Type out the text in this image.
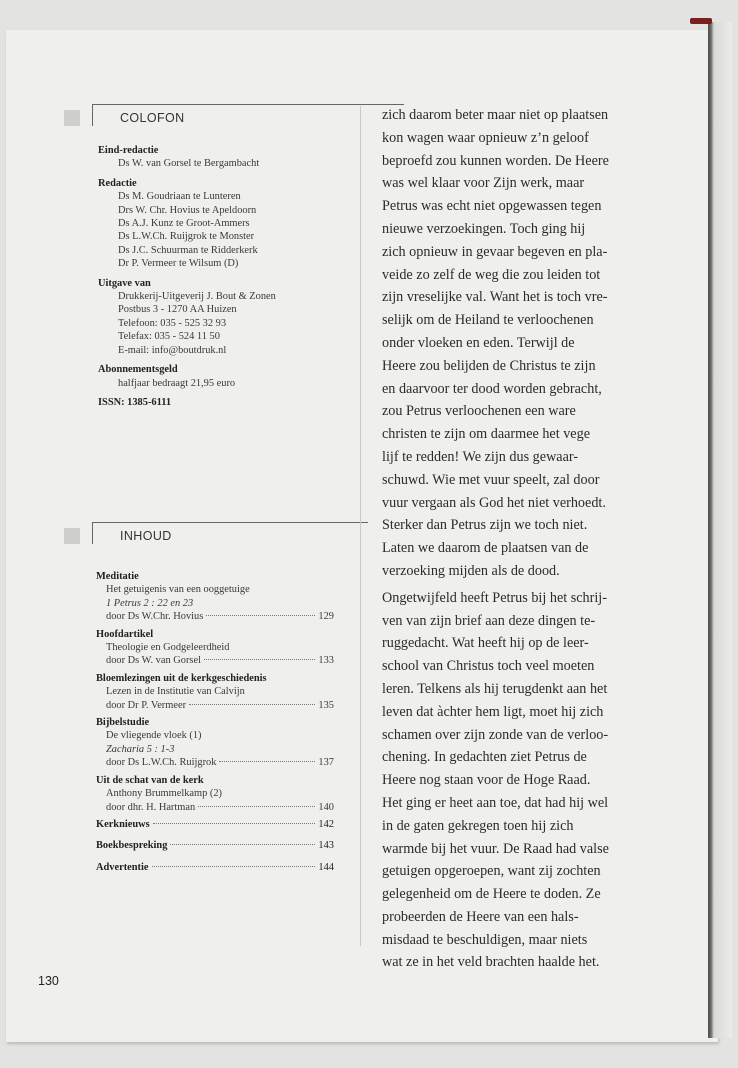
COLOFON
Eind-redactie
Ds W. van Gorsel te Bergambacht
Redactie
Ds M. Goudriaan te Lunteren
Drs W. Chr. Hovius te Apeldoorn
Ds A.J. Kunz te Groot-Ammers
Ds L.W.Ch. Ruijgrok te Monster
Ds J.C. Schuurman te Ridderkerk
Dr P. Vermeer te Wilsum (D)
Uitgave van
Drukkerij-Uitgeverij J. Bout & Zonen
Postbus 3 - 1270 AA Huizen
Telefoon: 035 - 525 32 93
Telefax: 035 - 524 11 50
E-mail: info@boutdruk.nl
Abonnementsgeld
halfjaar bedraagt 21,95 euro
ISSN: 1385-6111
INHOUD
Meditatie
Het getuigenis van een ooggetuige
1 Petrus 2 : 22 en 23
door Ds W.Chr. Hovius	129
Hoofdartikel
Theologie en Godgeleerdheid
door Ds W. van Gorsel	133
Bloemlezingen uit de kerkgeschiedenis
Lezen in de Institutie van Calvijn
door Dr P. Vermeer	135
Bijbelstudie
De vliegende vloek (1)
Zacharia 5 : 1-3
door Ds L.W.Ch. Ruijgrok	137
Uit de schat van de kerk
Anthony Brummelkamp (2)
door dhr. H. Hartman	140
Kerknieuws	142
Boekbespreking	143
Advertentie	144

zich daarom beter maar niet op plaatsen
kon wagen waar opnieuw z’n geloof
beproefd zou kunnen worden. De Heere
was wel klaar voor Zijn werk, maar
Petrus was echt niet opgewassen tegen
nieuwe verzoekingen. Toch ging hij
zich opnieuw in gevaar begeven en pla-
veide zo zelf de weg die zou leiden tot
zijn vreselijke val. Want het is toch vre-
selijk om de Heiland te verloochenen
onder vloeken en eden. Terwijl de
Heere zou belijden de Christus te zijn
en daarvoor ter dood worden gebracht,
zou Petrus verloochenen een ware
christen te zijn om daarmee het vege
lijf te redden! We zijn dus gewaar-
schuwd. Wie met vuur speelt, zal door
vuur vergaan als God het niet verhoedt.
Sterker dan Petrus zijn we toch niet.
Laten we daarom de plaatsen van de
verzoeking mijden als de dood.

Ongetwijfeld heeft Petrus bij het schrij-
ven van zijn brief aan deze dingen te-
ruggedacht. Wat heeft hij op de leer-
school van Christus toch veel moeten
leren. Telkens als hij terugdenkt aan het
leven dat àchter hem ligt, moet hij zich
schamen over zijn zonde van de verloo-
chening. In gedachten ziet Petrus de
Heere nog staan voor de Hoge Raad.
Het ging er heet aan toe, dat had hij wel
in de gaten gekregen toen hij zich
warmde bij het vuur. De Raad had valse
getuigen opgeroepen, want zij zochten
gelegenheid om de Heere te doden. Ze
probeerden de Heere van een hals-
misdaad te beschuldigen, maar niets
wat ze in het veld brachten haalde het.

130
